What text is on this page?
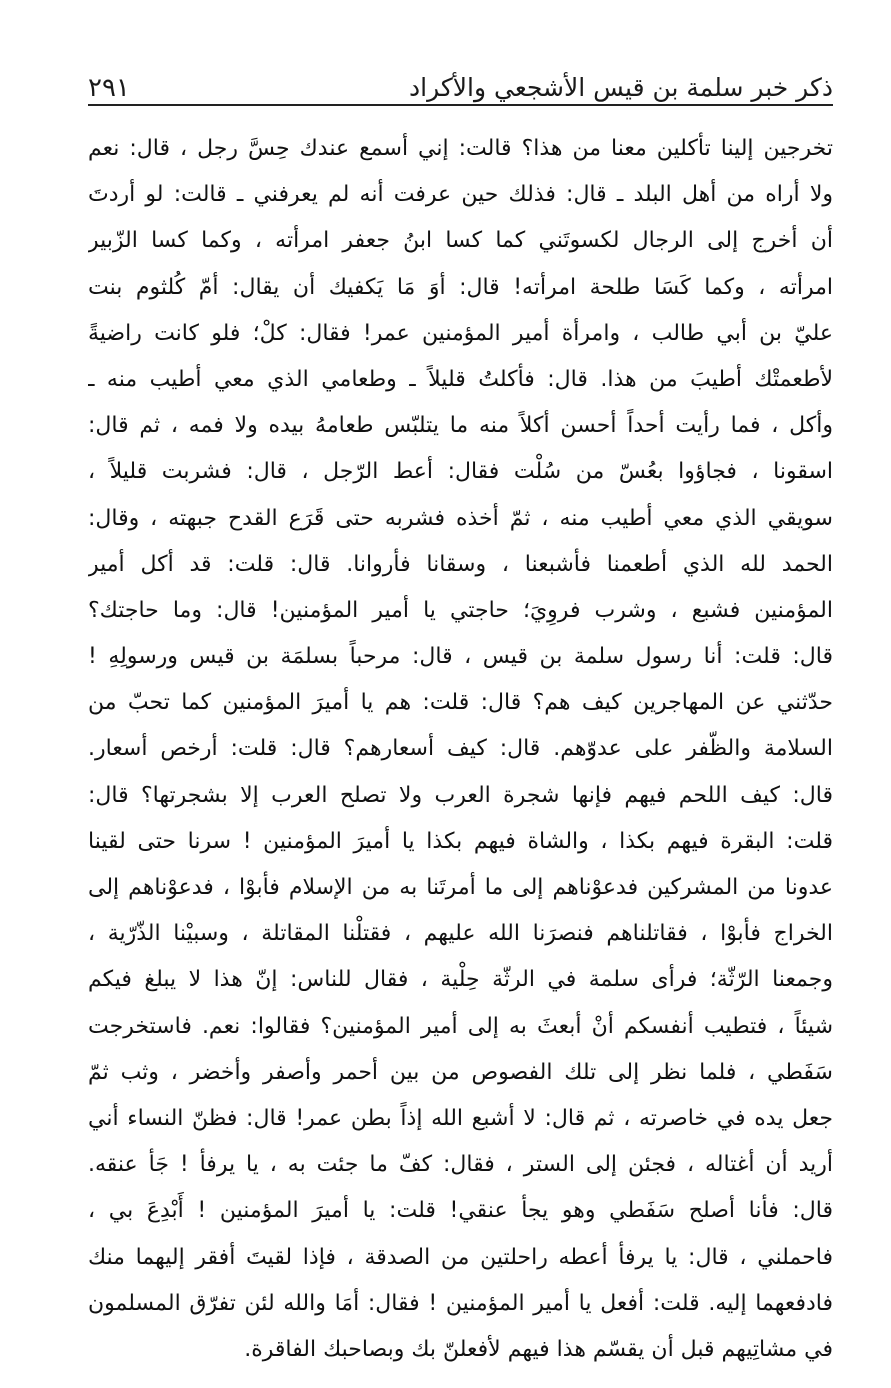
ذكر خبر سلمة بن قيس الأشجعي والأكراد
٢٩١
تخرجين إلينا تأكلين معنا من هذا؟ قالت: إني أسمع عندك حِسَّ رجل ، قال: نعم
ولا أراه من أهل البلد ـ قال: فذلك حين عرفت أنه لم يعرفني ـ قالت: لو أردتَ
أن أخرج إلى الرجال لكسوتَني كما كسا ابنُ جعفر امرأته ، وكما كسا الزّبير
امرأته ، وكما كَسَا طلحة امرأته! قال: أوَ مَا يَكفيك أن يقال: أمّ كُلثوم بنت
عليّ بن أبي طالب ، وامرأة أمير المؤمنين عمر! فقال: كلْ؛ فلو كانت راضيةً
لأطعمتْك أطيبَ من هذا. قال: فأكلتُ قليلاً ـ وطعامي الذي معي أطيب منه ـ
وأكل ، فما رأيت أحداً أحسن أكلاً منه ما يتلبّس طعامهُ بيده ولا فمه ، ثم قال:
اسقونا ، فجاؤوا بعُسّ من سُلْت فقال: أعط الرّجل ، قال: فشربت قليلاً ،
سويقي الذي معي أطيب منه ، ثمّ أخذه فشربه حتى قَرَع القدح جبهته ، وقال:
الحمد لله الذي أطعمنا فأشبعنا ، وسقانا فأروانا. قال: قلت: قد أكل أمير
المؤمنين فشبع ، وشرب فروِيَ؛ حاجتي يا أمير المؤمنين! قال: وما حاجتك؟
قال: قلت: أنا رسول سلمة بن قيس ، قال: مرحباً بسلمَة بن قيس ورسولِهِ !
حدّثني عن المهاجرين كيف هم؟ قال: قلت: هم يا أميرَ المؤمنين كما تحبّ من
السلامة والظّفر على عدوّهم. قال: كيف أسعارهم؟ قال: قلت: أرخص أسعار.
قال: كيف اللحم فيهم فإنها شجرة العرب ولا تصلح العرب إلا بشجرتها؟ قال:
قلت: البقرة فيهم بكذا ، والشاة فيهم بكذا يا أميرَ المؤمنين ! سرنا حتى لقينا
عدونا من المشركين فدعوْناهم إلى ما أمرتَنا به من الإسلام فأبوْا ، فدعوْناهم إلى
الخراج فأبوْا ، فقاتلناهم فنصرَنا الله عليهم ، فقتلْنا المقاتلة ، وسبيْنا الذّرّية ،
وجمعنا الرّثّة؛ فرأى سلمة في الرثّة حِلْية ، فقال للناس: إنّ هذا لا يبلغ فيكم
شيئاً ، فتطيب أنفسكم أنْ أبعثَ به إلى أمير المؤمنين؟ فقالوا: نعم. فاستخرجت
سَفَطي ، فلما نظر إلى تلك الفصوص من بين أحمر وأصفر وأخضر ، وثب ثمّ
جعل يده في خاصرته ، ثم قال: لا أشبع الله إذاً بطن عمر! قال: فظنّ النساء أني
أريد أن أغتاله ، فجئن إلى الستر ، فقال: كفّ ما جئت به ، يا يرفأ ! جَأ عنقه.
قال: فأنا أصلح سَفَطي وهو يجأ عنقي! قلت: يا أميرَ المؤمنين ! أَبْدِعَ بي ،
فاحملني ، قال: يا يرفأ أعطه راحلتين من الصدقة ، فإذا لقيتَ أفقر إليهما منك
فادفعهما إليه. قلت: أفعل يا أمير المؤمنين ! فقال: أمَا والله لئن تفرّق المسلمون
في مشاتِيهم قبل أن يقسّم هذا فيهم لأفعلنّ بك وبصاحبك الفاقرة.
